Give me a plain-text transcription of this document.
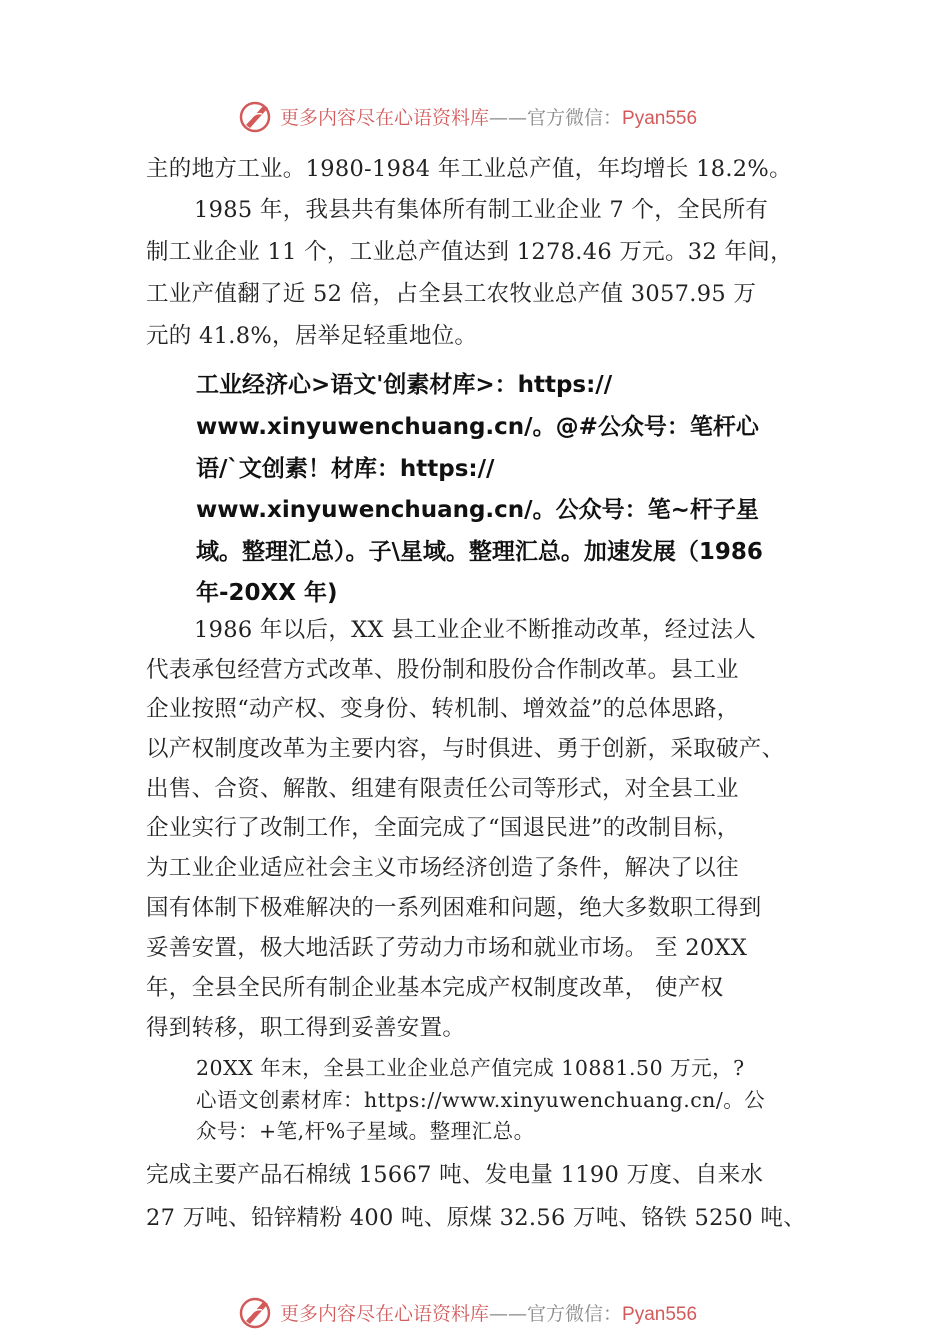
更多内容尽在心语资料库——官方微信：Pyan556
主的地方工业。1980-1984 年工业总产值，年均增长 18.2%。
1985 年，我县共有集体所有制工业企业 7 个，全民所有
制工业企业 11 个，工业总产值达到 1278.46 万元。32 年间，
工业产值翻了近 52 倍，占全县工农牧业总产值 3057.95 万
元的 41.8%，居举足轻重地位。
工业经济心>语文'创素材库>：https://
www.xinyuwenchuang.cn/。@#公众号：笔杆心
语/`文创素！材库：https://
www.xinyuwenchuang.cn/。公众号：笔~杆子星
域。整理汇总）。子\星域。整理汇总。加速发展（1986
年-20XX 年)
1986 年以后，XX 县工业企业不断推动改革，经过法人
代表承包经营方式改革、股份制和股份合作制改革。县工业
企业按照“动产权、变身份、转机制、增效益”的总体思路，
以产权制度改革为主要内容，与时俱进、勇于创新，采取破产、
出售、合资、解散、组建有限责任公司等形式，对全县工业
企业实行了改制工作，全面完成了“国退民进”的改制目标，
为工业企业适应社会主义市场经济创造了条件，解决了以往
国有体制下极难解决的一系列困难和问题，绝大多数职工得到
妥善安置，极大地活跃了劳动力市场和就业市场。 至 20XX
年，全县全民所有制企业基本完成产权制度改革， 使产权
得到转移，职工得到妥善安置。
20XX 年末，全县工业企业总产值完成 10881.50 万元，?
心语文创素材库：https://www.xinyuwenchuang.cn/。公
众号：+笔,杆%子星域。整理汇总。
完成主要产品石棉绒 15667 吨、发电量 1190 万度、自来水
27 万吨、铅锌精粉 400 吨、原煤 32.56 万吨、铬铁 5250 吨、
更多内容尽在心语资料库——官方微信：Pyan556
